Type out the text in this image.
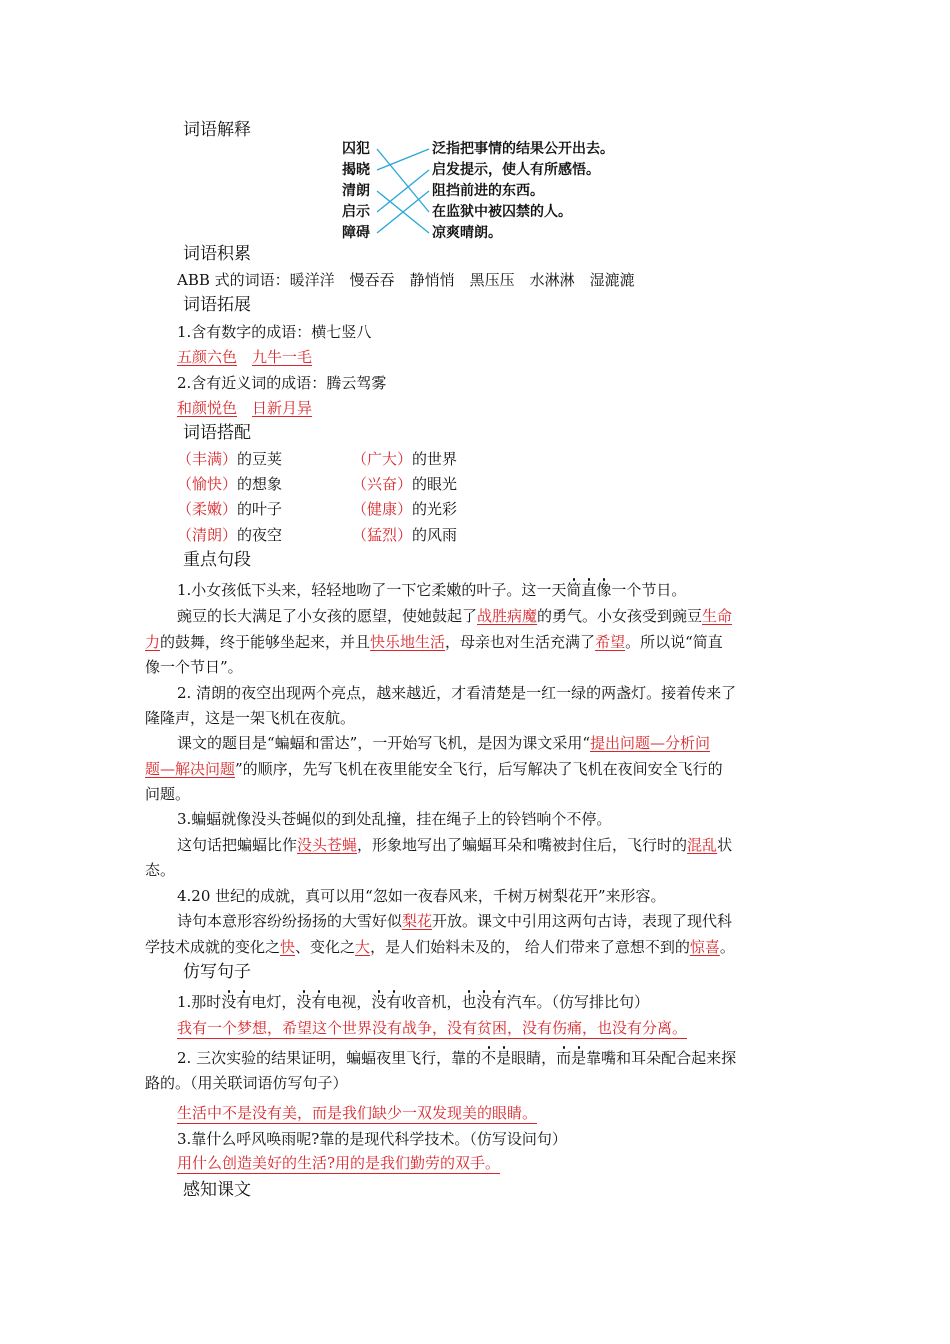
词语解释
囚犯
揭晓
清朗
启示
障碍
泛指把事情的结果公开出去。
启发提示，使人有所感悟。
阻挡前进的东西。
在监狱中被囚禁的人。
凉爽晴朗。
词语积累
ABB 式的词语：暖洋洋　慢吞吞　静悄悄　黑压压　水淋淋　湿漉漉
词语拓展
1.含有数字的成语：横七竖八
五颜六色　 九牛一毛
2.含有近义词的成语：腾云驾雾
和颜悦色　 日新月异
词语搭配
（丰满）的豆荚	（广大）的世界
（愉快）的想象	（兴奋）的眼光
（柔嫩）的叶子	（健康）的光彩
（清朗）的夜空	（猛烈）的风雨
重点句段
1.小女孩低下头来，轻轻地吻了一下它柔嫩的叶子。这一天简直像一个节日。
豌豆的长大满足了小女孩的愿望，使她鼓起了战胜病魔的勇气。小女孩受到豌豆生命
力的鼓舞，终于能够坐起来，并且快乐地生活，母亲也对生活充满了希望。所以说“简直
像一个节日”。
2. 清朗的夜空出现两个亮点，越来越近，才看清楚是一红一绿的两盏灯。接着传来了
隆隆声，这是一架飞机在夜航。
课文的题目是“蝙蝠和雷达”，一开始写飞机，是因为课文采用“提出问题—分析问
题—解决问题”的顺序，先写飞机在夜里能安全飞行，后写解决了飞机在夜间安全飞行的
问题。
3.蝙蝠就像没头苍蝇似的到处乱撞，挂在绳子上的铃铛响个不停。
这句话把蝙蝠比作没头苍蝇，形象地写出了蝙蝠耳朵和嘴被封住后，飞行时的混乱状
态。
4.20 世纪的成就，真可以用“忽如一夜春风来，千树万树梨花开”来形容。
诗句本意形容纷纷扬扬的大雪好似梨花开放。课文中引用这两句古诗，表现了现代科
学技术成就的变化之快、变化之大，是人们始料未及的， 给人们带来了意想不到的惊喜。
仿写句子
1.那时没有电灯，没有电视，没有收音机，也没有汽车。（仿写排比句）
我有一个梦想，希望这个世界没有战争，没有贫困，没有伤痛，也没有分离。
2. 三次实验的结果证明，蝙蝠夜里飞行，靠的不是眼睛，而是靠嘴和耳朵配合起来探
路的。（用关联词语仿写句子）
生活中不是没有美，而是我们缺少一双发现美的眼睛。
3.靠什么呼风唤雨呢?靠的是现代科学技术。（仿写设问句）
用什么创造美好的生活?用的是我们勤劳的双手。
感知课文
